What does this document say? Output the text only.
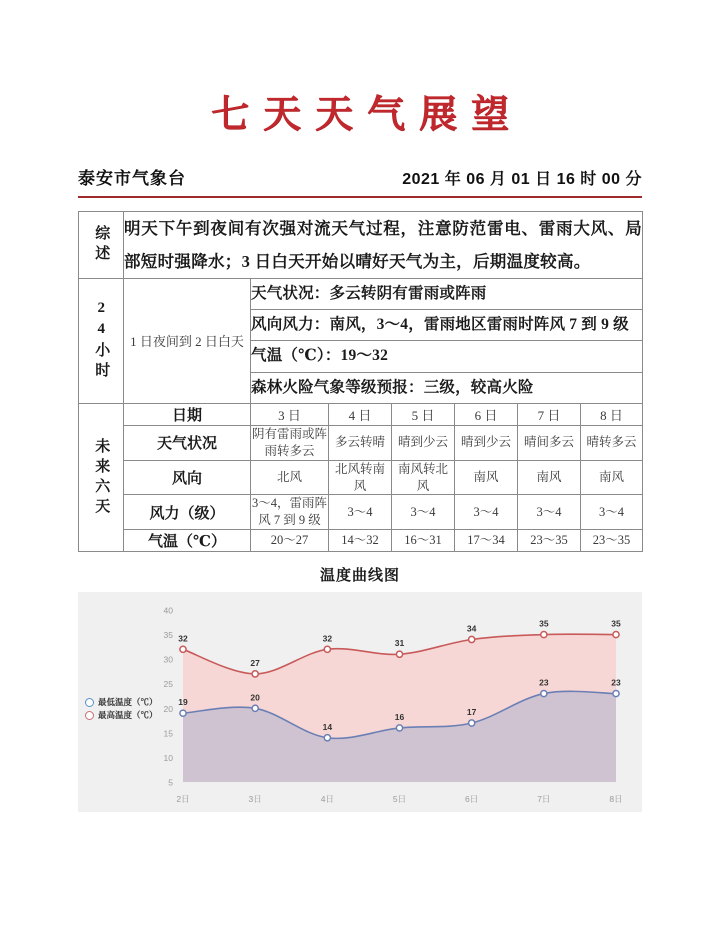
七天天气展望
泰安市气象台	2021 年 06 月 01 日 16 时 00 分
综述	明天下午到夜间有次强对流天气过程，注意防范雷电、雷雨大风、局部短时强降水；3 日白天开始以晴好天气为主，后期温度较高。						

24小时	1 日夜间到 2 日白天	天气状况：多云转阴有雷雨或阵雨					
		风向风力：南风，3～4，雷雨地区雷雨时阵风 7 到 9 级					
		气温（℃）：19～32					
		森林火险气象等级预报：三级，较高火险					

未来六天	日期	3 日	4 日	5 日	6 日	7 日	8 日
	天气状况	阴有雷雨或阵雨转多云	多云转晴	晴到少云	晴到少云	晴间多云	晴转多云
	风向	北风	北风转南风	南风转北风	南风	南风	南风
	风力（级）	3～4，雷雨阵风 7 到 9 级	3～4	3～4	3～4	3～4	3～4
	气温（℃）	20～27	14～32	16～31	17～34	23～35	23～35
温度曲线图
5
10
15
20
25
30
35
40
19	20
14
16	17
23	23
32
27
32	31
34	35	35
2日	3日	4日	5日	6日	7日	8日
最低温度（℃）
最高温度（℃）
